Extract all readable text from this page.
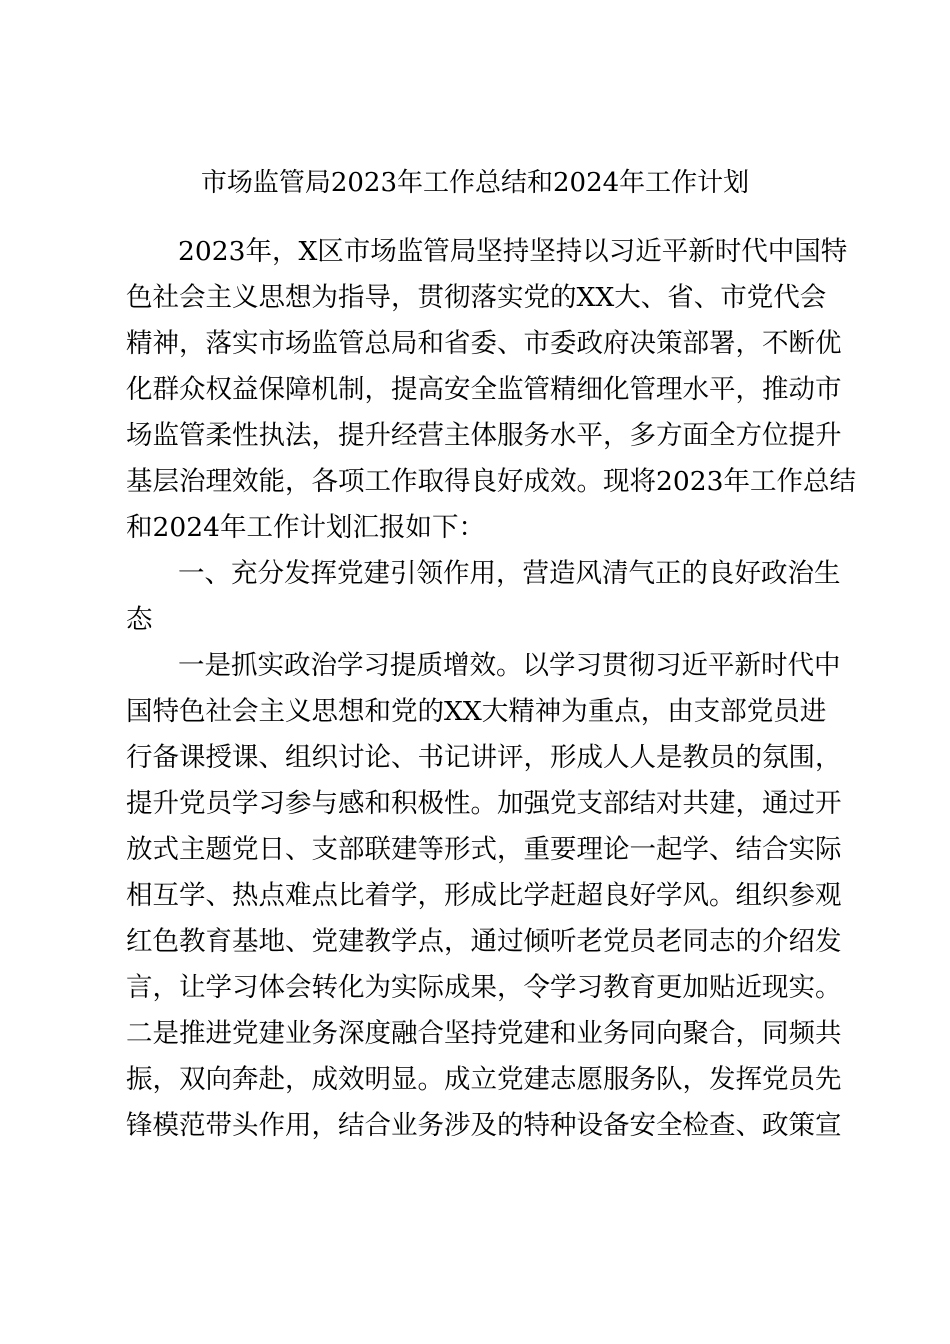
市场监管局2023年工作总结和2024年工作计划
2023年，X区市场监管局坚持坚持以习近平新时代中国特
色社会主义思想为指导，贯彻落实党的XX大、省、市党代会
精神，落实市场监管总局和省委、市委政府决策部署，不断优
化群众权益保障机制，提高安全监管精细化管理水平，推动市
场监管柔性执法，提升经营主体服务水平，多方面全方位提升
基层治理效能，各项工作取得良好成效。现将2023年工作总结
和2024年工作计划汇报如下：
一、充分发挥党建引领作用，营造风清气正的良好政治生
态
一是抓实政治学习提质增效。以学习贯彻习近平新时代中
国特色社会主义思想和党的XX大精神为重点，由支部党员进
行备课授课、组织讨论、书记讲评，形成人人是教员的氛围，
提升党员学习参与感和积极性。加强党支部结对共建，通过开
放式主题党日、支部联建等形式，重要理论一起学、结合实际
相互学、热点难点比着学，形成比学赶超良好学风。组织参观
红色教育基地、党建教学点，通过倾听老党员老同志的介绍发
言，让学习体会转化为实际成果，令学习教育更加贴近现实。
二是推进党建业务深度融合坚持党建和业务同向聚合，同频共
振，双向奔赴，成效明显。成立党建志愿服务队，发挥党员先
锋模范带头作用，结合业务涉及的特种设备安全检查、政策宣
